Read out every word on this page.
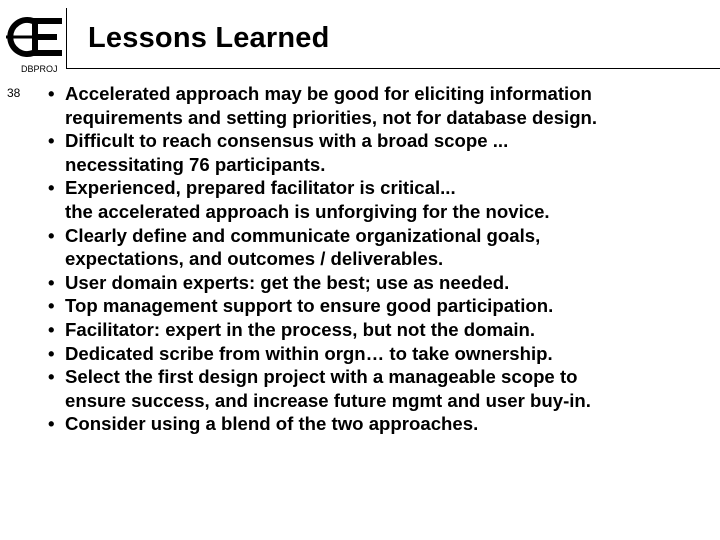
Lessons Learned
DBPROJ
38 • Accelerated approach may be good for eliciting information
requirements and setting priorities, not for database design.
• Difficult to reach consensus with a broad scope ...
necessitating 76 participants.
• Experienced, prepared facilitator is critical...
the accelerated approach is unforgiving for the novice.
• Clearly define and communicate organizational goals,
expectations, and outcomes / deliverables.
• User domain experts: get the best; use as needed.
• Top management support to ensure good participation.
• Facilitator: expert in the process, but not the domain.
• Dedicated scribe from within orgn… to take ownership.
• Select the first design project with a manageable scope to
ensure success, and increase future mgmt and user buy-in.
• Consider using a blend of the two approaches.
